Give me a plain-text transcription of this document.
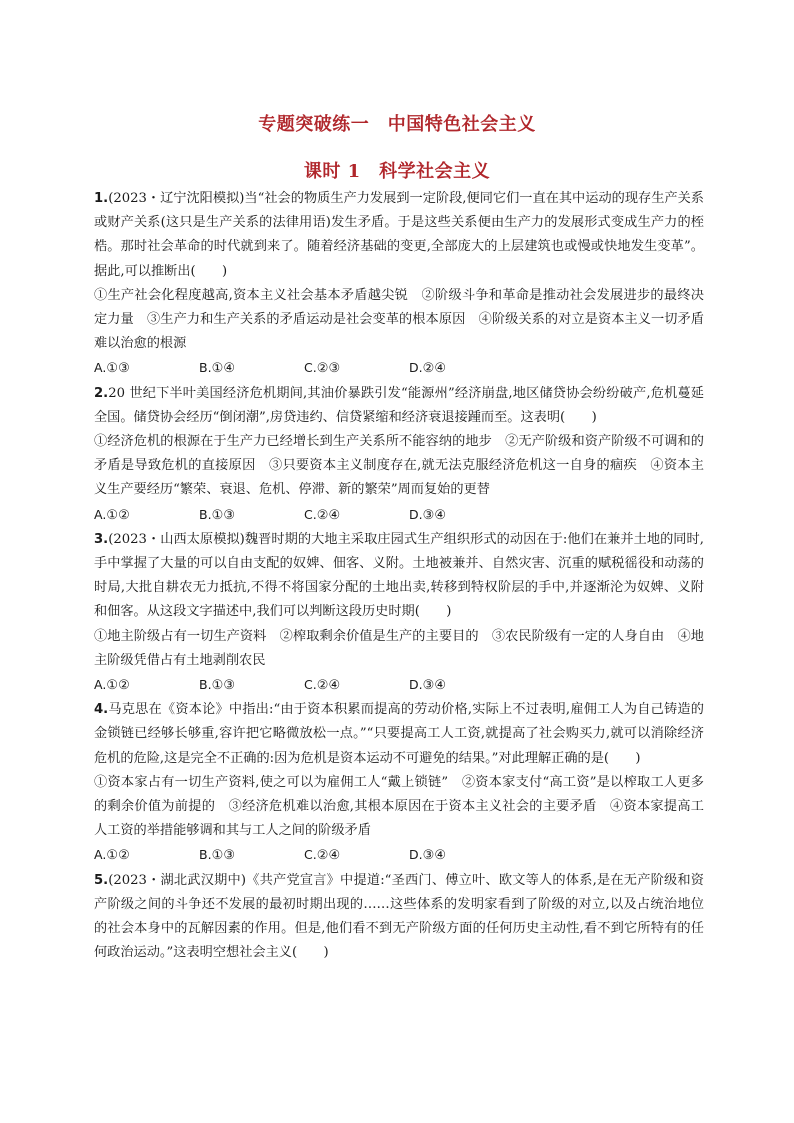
专题突破练一　中国特色社会主义
课时 1　科学社会主义

1.(2023・辽宁沈阳模拟)当“社会的物质生产力发展到一定阶段,便同它们一直在其中运动的现存生产关系或财产关系(这只是生产关系的法律用语)发生矛盾。于是这些关系便由生产力的发展形式变成生产力的桎梏。那时社会革命的时代就到来了。随着经济基础的变更,全部庞大的上层建筑也或慢或快地发生变革”。据此,可以推断出(　　)

①生产社会化程度越高,资本主义社会基本矛盾越尖锐　②阶级斗争和革命是推动社会发展进步的最终决定力量　③生产力和生产关系的矛盾运动是社会变革的根本原因　④阶级关系的对立是资本主义一切矛盾难以治愈的根源

A.①③	B.①④	C.②③	D.②④

2.20 世纪下半叶美国经济危机期间,其油价暴跌引发“能源州”经济崩盘,地区储贷协会纷纷破产,危机蔓延全国。储贷协会经历“倒闭潮”,房贷违约、信贷紧缩和经济衰退接踵而至。这表明(　　)

①经济危机的根源在于生产力已经增长到生产关系所不能容纳的地步　②无产阶级和资产阶级不可调和的矛盾是导致危机的直接原因　③只要资本主义制度存在,就无法克服经济危机这一自身的痼疾　④资本主义生产要经历“繁荣、衰退、危机、停滞、新的繁荣”周而复始的更替

A.①②	B.①③	C.②④	D.③④

3.(2023・山西太原模拟)魏晋时期的大地主采取庄园式生产组织形式的动因在于:他们在兼并土地的同时,手中掌握了大量的可以自由支配的奴婢、佃客、义附。土地被兼并、自然灾害、沉重的赋税徭役和动荡的时局,大批自耕农无力抵抗,不得不将国家分配的土地出卖,转移到特权阶层的手中,并逐渐沦为奴婢、义附和佃客。从这段文字描述中,我们可以判断这段历史时期(　　)

①地主阶级占有一切生产资料　②榨取剩余价值是生产的主要目的　③农民阶级有一定的人身自由　④地主阶级凭借占有土地剥削农民

A.①②	B.①③	C.②④	D.③④

4.马克思在《资本论》中指出:“由于资本积累而提高的劳动价格,实际上不过表明,雇佣工人为自己铸造的金锁链已经够长够重,容许把它略微放松一点。”“只要提高工人工资,就提高了社会购买力,就可以消除经济危机的危险,这是完全不正确的:因为危机是资本运动不可避免的结果。”对此理解正确的是(　　)

①资本家占有一切生产资料,使之可以为雇佣工人“戴上锁链”　②资本家支付“高工资”是以榨取工人更多的剩余价值为前提的　③经济危机难以治愈,其根本原因在于资本主义社会的主要矛盾　④资本家提高工人工资的举措能够调和其与工人之间的阶级矛盾

A.①②	B.①③	C.②④	D.③④

5.(2023・湖北武汉期中)《共产党宣言》中提道:“圣西门、傅立叶、欧文等人的体系,是在无产阶级和资产阶级之间的斗争还不发展的最初时期出现的……这些体系的发明家看到了阶级的对立,以及占统治地位的社会本身中的瓦解因素的作用。但是,他们看不到无产阶级方面的任何历史主动性,看不到它所特有的任何政治运动。”这表明空想社会主义(　　)
